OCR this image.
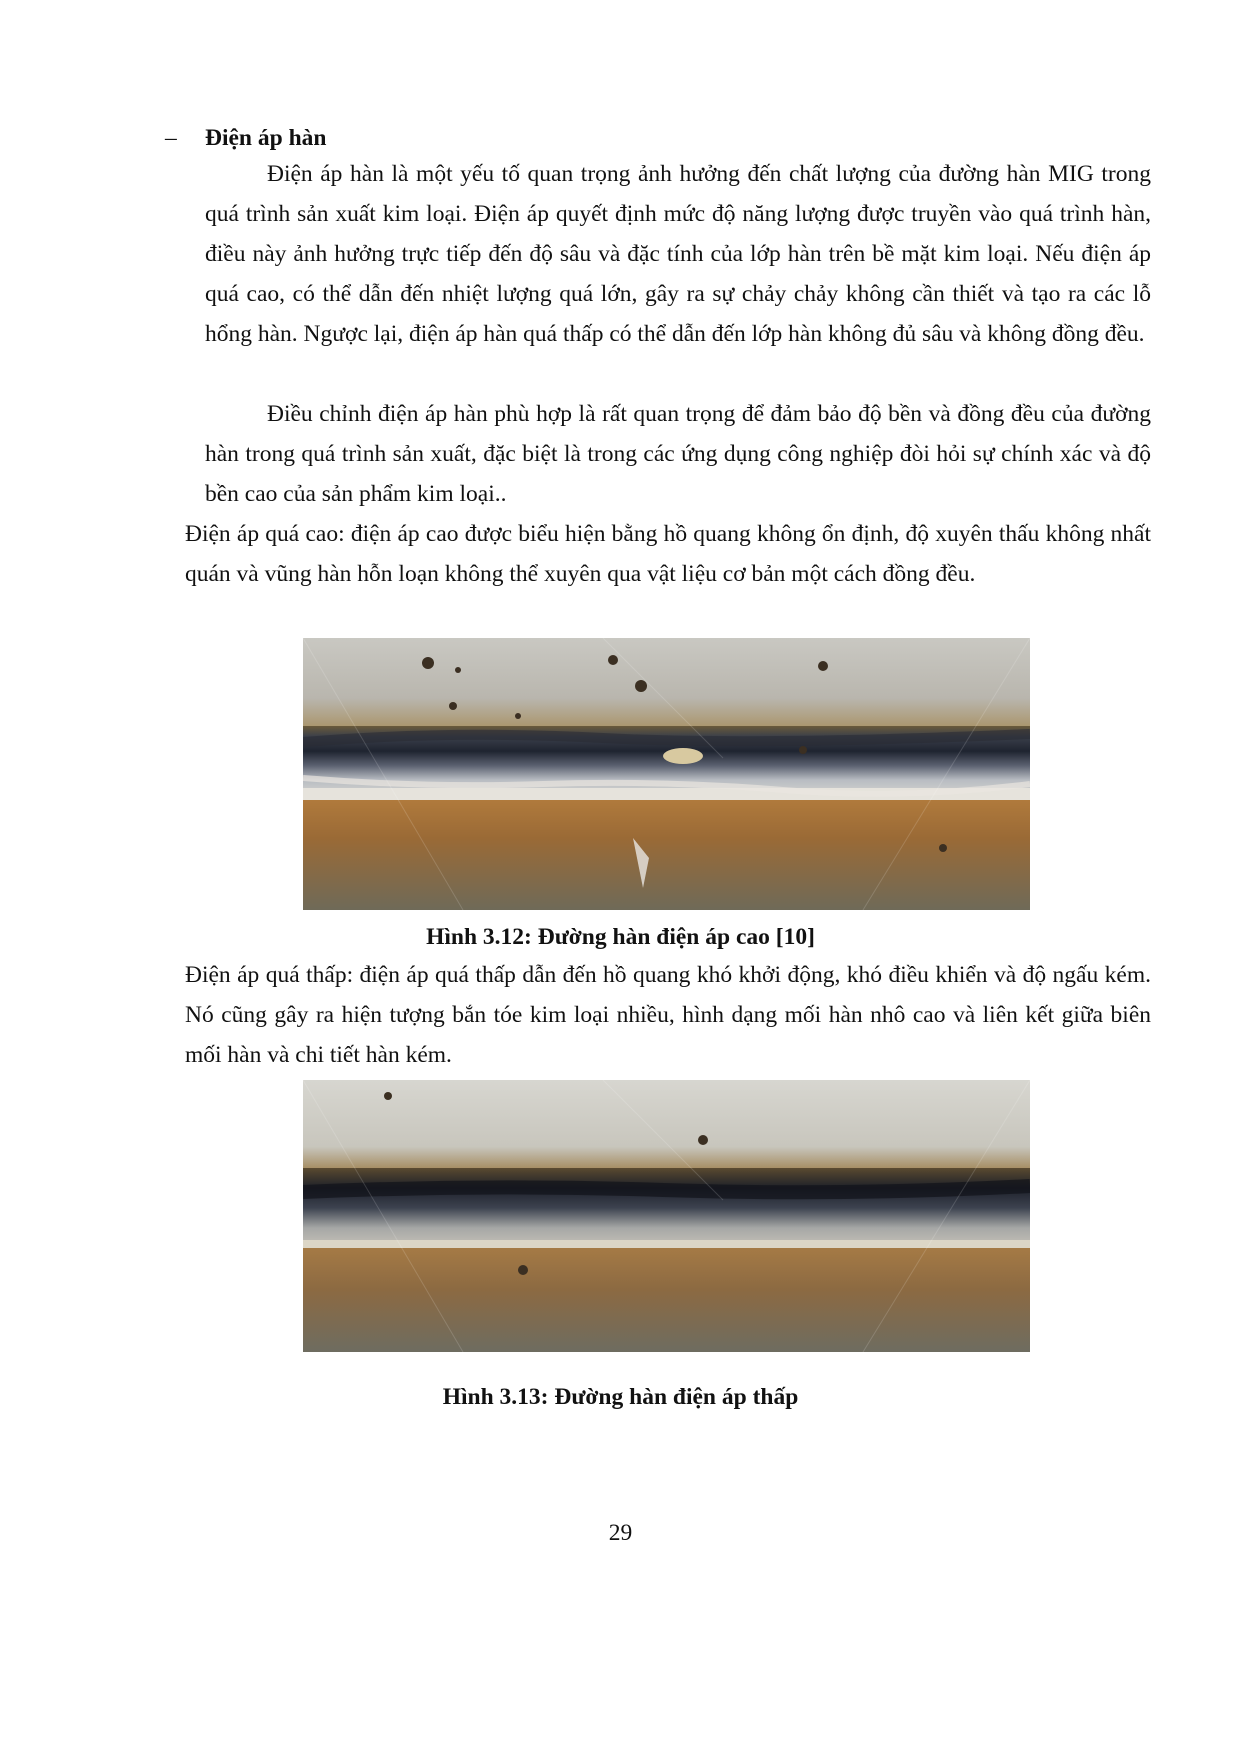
– Điện áp hàn
Điện áp hàn là một yếu tố quan trọng ảnh hưởng đến chất lượng của đường hàn MIG trong quá trình sản xuất kim loại. Điện áp quyết định mức độ năng lượng được truyền vào quá trình hàn, điều này ảnh hưởng trực tiếp đến độ sâu và đặc tính của lớp hàn trên bề mặt kim loại. Nếu điện áp quá cao, có thể dẫn đến nhiệt lượng quá lớn, gây ra sự chảy chảy không cần thiết và tạo ra các lỗ hổng hàn. Ngược lại, điện áp hàn quá thấp có thể dẫn đến lớp hàn không đủ sâu và không đồng đều.
Điều chỉnh điện áp hàn phù hợp là rất quan trọng để đảm bảo độ bền và đồng đều của đường hàn trong quá trình sản xuất, đặc biệt là trong các ứng dụng công nghiệp đòi hỏi sự chính xác và độ bền cao của sản phẩm kim loại..
Điện áp quá cao: điện áp cao được biểu hiện bằng hồ quang không ổn định, độ xuyên thấu không nhất quán và vũng hàn hỗn loạn không thể xuyên qua vật liệu cơ bản một cách đồng đều.
Hình 3.12: Đường hàn điện áp cao [10]
Điện áp quá thấp: điện áp quá thấp dẫn đến hồ quang khó khởi động, khó điều khiển và độ ngấu kém. Nó cũng gây ra hiện tượng bắn tóe kim loại nhiều, hình dạng mối hàn nhô cao và liên kết giữa biên mối hàn và chi tiết hàn kém.
Hình 3.13: Đường hàn điện áp thấp
29
